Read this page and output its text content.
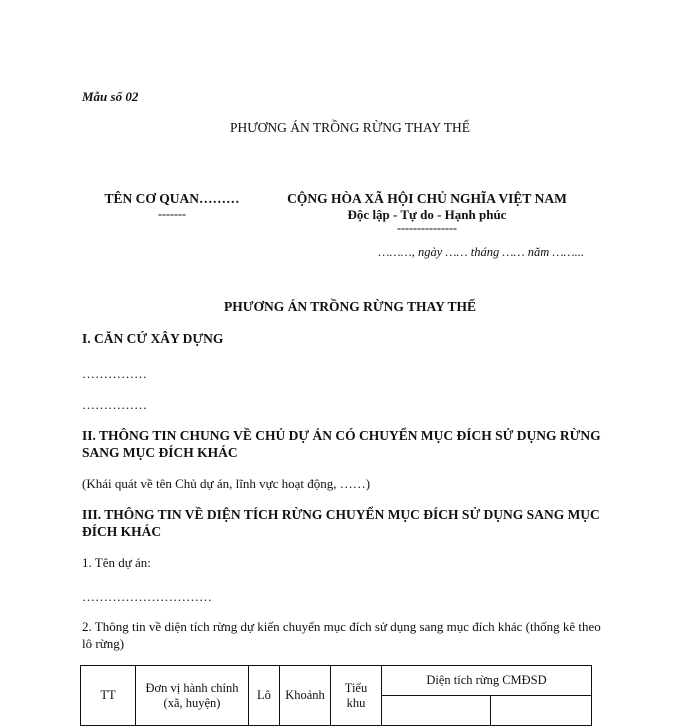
Mẫu số 02
PHƯƠNG ÁN TRỒNG RỪNG THAY THẾ
TÊN CƠ QUAN………
-------
CỘNG HÒA XÃ HỘI CHỦ NGHĨA VIỆT NAM
Độc lập - Tự do - Hạnh phúc
---------------
………, ngày …… tháng …… năm ……...
PHƯƠNG ÁN TRỒNG RỪNG THAY THẾ
I. CĂN CỨ XÂY DỰNG
……………
……………
II. THÔNG TIN CHUNG VỀ CHỦ DỰ ÁN CÓ CHUYỂN MỤC ĐÍCH SỬ DỤNG RỪNG SANG MỤC ĐÍCH KHÁC
(Khái quát về tên Chủ dự án, lĩnh vực hoạt động, ……)
III. THÔNG TIN VỀ DIỆN TÍCH RỪNG CHUYỂN MỤC ĐÍCH SỬ DỤNG SANG MỤC ĐÍCH KHÁC
1. Tên dự án:
…………………………
2. Thông tin về diện tích rừng dự kiến chuyển mục đích sử dụng sang mục đích khác (thống kê theo lô rừng)
TT	Đơn vị hành chính (xã, huyện)	Lô	Khoảnh	Tiểu khu	Diện tích rừng CMĐSD	
